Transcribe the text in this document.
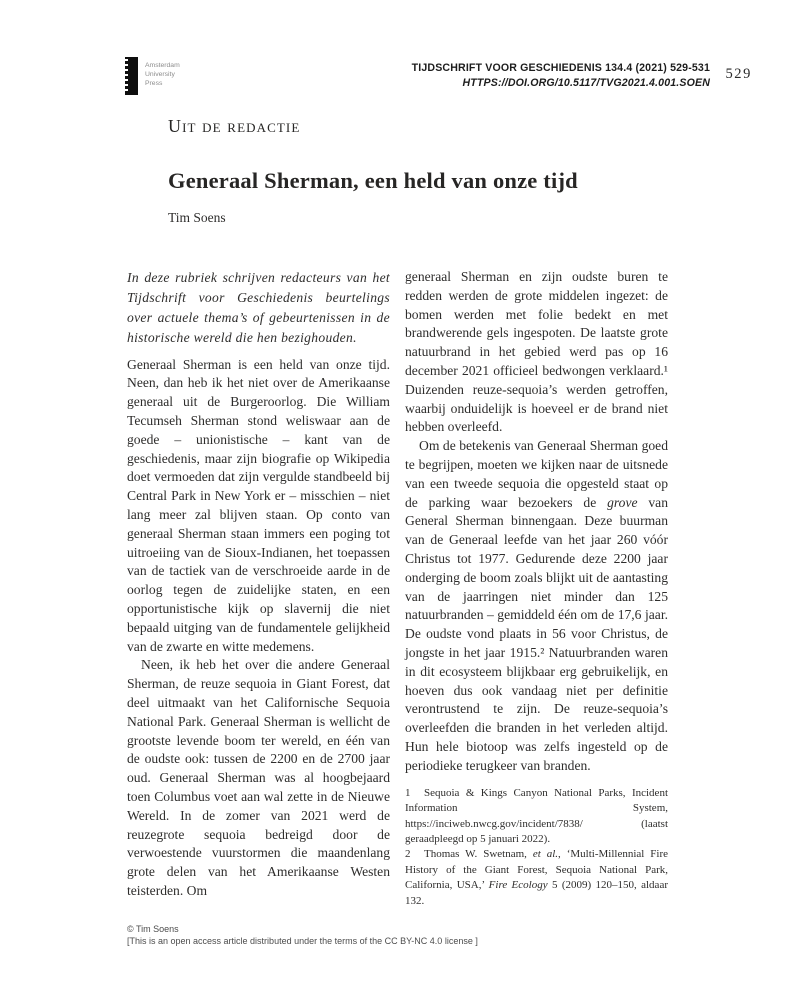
Amsterdam
University
Press
TIJDSCHRIFT VOOR GESCHIEDENIS 134.4 (2021) 529-531
HTTPS://DOI.ORG/10.5117/TVG2021.4.001.SOEN
529
Uit de redactie
Generaal Sherman, een held van onze tijd
Tim Soens

In deze rubriek schrijven redacteurs van het Tijdschrift voor Geschiedenis beurtelings over actuele thema’s of gebeurtenissen in de historische wereld die hen bezighouden.

Generaal Sherman is een held van onze tijd. Neen, dan heb ik het niet over de Amerikaanse generaal uit de Burgeroorlog. Die William Tecumseh Sherman stond weliswaar aan de goede – unionistische – kant van de geschiedenis, maar zijn biografie op Wikipedia doet vermoeden dat zijn vergulde standbeeld bij Central Park in New York er – misschien – niet lang meer zal blijven staan. Op conto van generaal Sherman staan immers een poging tot uitroeiing van de Sioux-Indianen, het toepassen van de tactiek van de verschroeide aarde in de oorlog tegen de zuidelijke staten, en een opportunistische kijk op slavernij die niet bepaald uitging van de fundamentele gelijkheid van de zwarte en witte medemens.

Neen, ik heb het over die andere Generaal Sherman, de reuze sequoia in Giant Forest, dat deel uitmaakt van het Californische Sequoia National Park. Generaal Sherman is wellicht de grootste levende boom ter wereld, en één van de oudste ook: tussen de 2200 en de 2700 jaar oud. Generaal Sherman was al hoogbejaard toen Columbus voet aan wal zette in de Nieuwe Wereld. In de zomer van 2021 werd de reuzegrote sequoia bedreigd door de verwoestende vuurstormen die maandenlang grote delen van het Amerikaanse Westen teisterden. Om

generaal Sherman en zijn oudste buren te redden werden de grote middelen ingezet: de bomen werden met folie bedekt en met brandwerende gels ingespoten. De laatste grote natuurbrand in het gebied werd pas op 16 december 2021 officieel bedwongen verklaard.¹ Duizenden reuze-sequoia’s werden getroffen, waarbij onduidelijk is hoeveel er de brand niet hebben overleefd.

Om de betekenis van Generaal Sherman goed te begrijpen, moeten we kijken naar de uitsnede van een tweede sequoia die opgesteld staat op de parking waar bezoekers de grove van General Sherman binnengaan. Deze buurman van de Generaal leefde van het jaar 260 vóór Christus tot 1977. Gedurende deze 2200 jaar onderging de boom zoals blijkt uit de aantasting van de jaarringen niet minder dan 125 natuurbranden – gemiddeld één om de 17,6 jaar. De oudste vond plaats in 56 voor Christus, de jongste in het jaar 1915.² Natuurbranden waren in dit ecosysteem blijkbaar erg gebruikelijk, en hoeven dus ook vandaag niet per definitie verontrustend te zijn. De reuze-sequoia’s overleefden die branden in het verleden altijd. Hun hele biotoop was zelfs ingesteld op de periodieke terugkeer van branden.

1 Sequoia & Kings Canyon National Parks, Incident Information System, https://inciweb.nwcg.gov/incident/7838/ (laatst geraadpleegd op 5 januari 2022).

2 Thomas W. Swetnam, et al., ‘Multi-Millennial Fire History of the Giant Forest, Sequoia National Park, California, USA,’ Fire Ecology 5 (2009) 120–150, aldaar 132.

© Tim Soens
[This is an open access article distributed under the terms of the CC BY-NC 4.0 license ]
